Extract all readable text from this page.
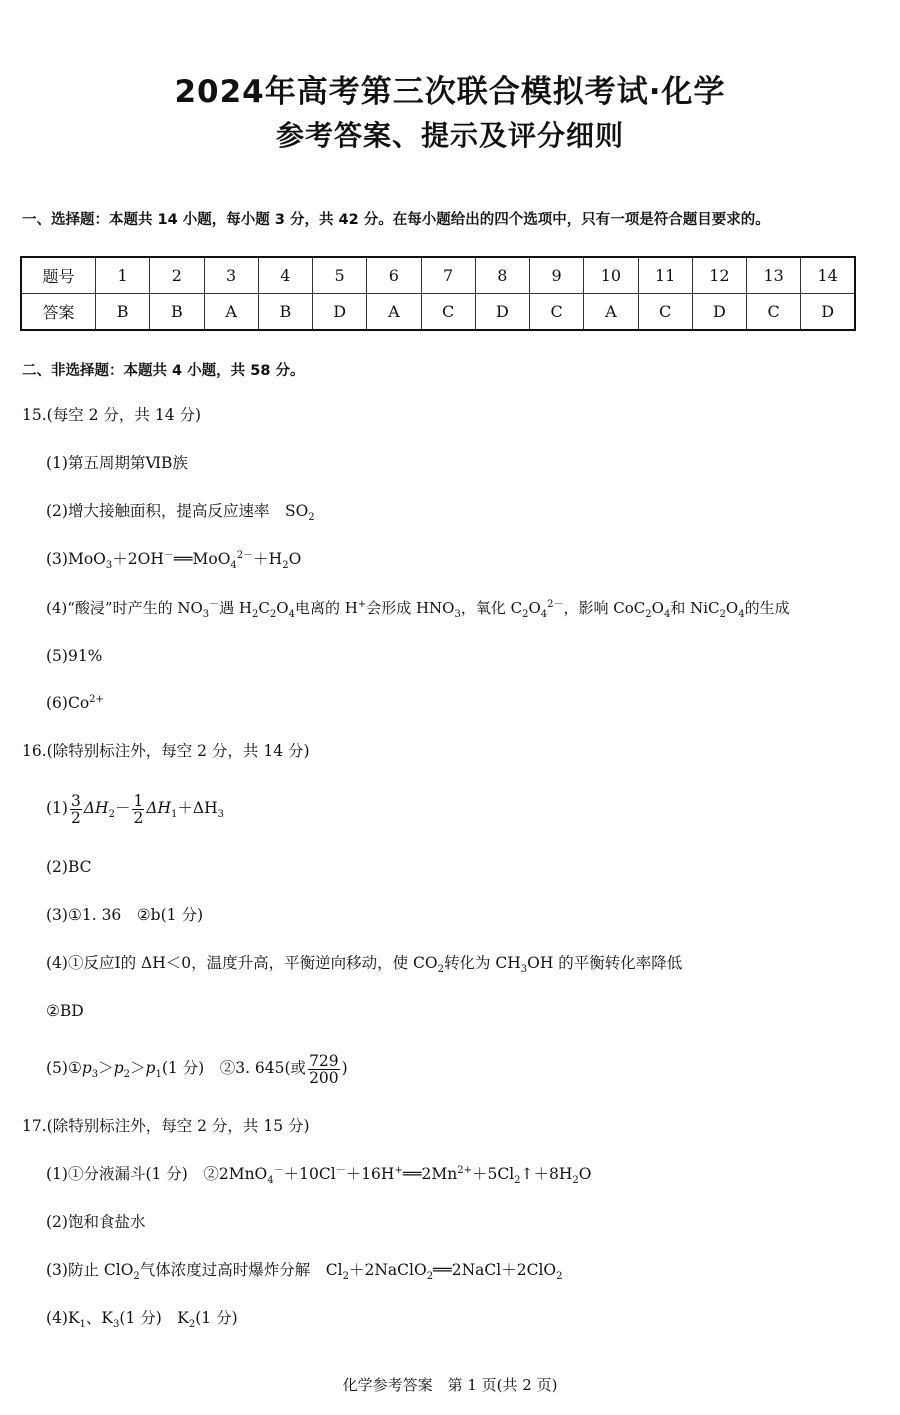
2024年高考第三次联合模拟考试·化学
参考答案、提示及评分细则
一、选择题：本题共 14 小题，每小题 3 分，共 42 分。在每小题给出的四个选项中，只有一项是符合题目要求的。
题号	1	2	3	4	5	6	7	8	9	10	11	12	13	14
答案	B	B	A	B	D	A	C	D	C	A	C	D	C	D
二、非选择题：本题共 4 小题，共 58 分。
15.(每空 2 分，共 14 分)
(1)第五周期第ⅥB族
(2)增大接触面积，提高反应速率　$SO_2$
$(3)MoO_3+2OH^-══MoO_4^{2-}+H_2O$
(4)“酸浸”时产生的 $NO_3^-$遇 $H_2C_2O_4$电离的 H+会形成 $HNO_3$，氧化 $C_2O_4^{2-}$，影响 $CoC_2O_4$和 $NiC_2O_4$的生成
(5)91%
$(6)Co^{2+}$
16.(除特别标注外，每空 2 分，共 14 分)
$(1) \frac{3}{2} \Delta H_2- \frac{1}{2} \Delta H_1+\Delta H_3$
(2)BC
(3)①1. 36　②b(1 分)
(4)①反应Ⅰ的 ΔH＜0，温度升高，平衡逆向移动，使 $CO_2$转化为 $CH_3OH$ 的平衡转化率降低
②BD
$(5)①p_3>p_2>p_1(1$ 分)　②3. 645(或 $\frac{729}{200}$ )
17.(除特别标注外，每空 2 分，共 15 分)
(1)①分液漏斗(1 分)　$②2MnO_4^-+10Cl^-+16H^+══2Mn^{2+}+5Cl_2↑+8H_2O$
(2)饱和食盐水
(3)防止 ClO$_2$气体浓度过高时爆炸分解　$Cl_2+2NaClO_2══2NaCl+2ClO_2$
$(4)K_1$、$K_3(1$ 分)　$K_2(1$ 分)
化学参考答案　第 1 页(共 2 页)
